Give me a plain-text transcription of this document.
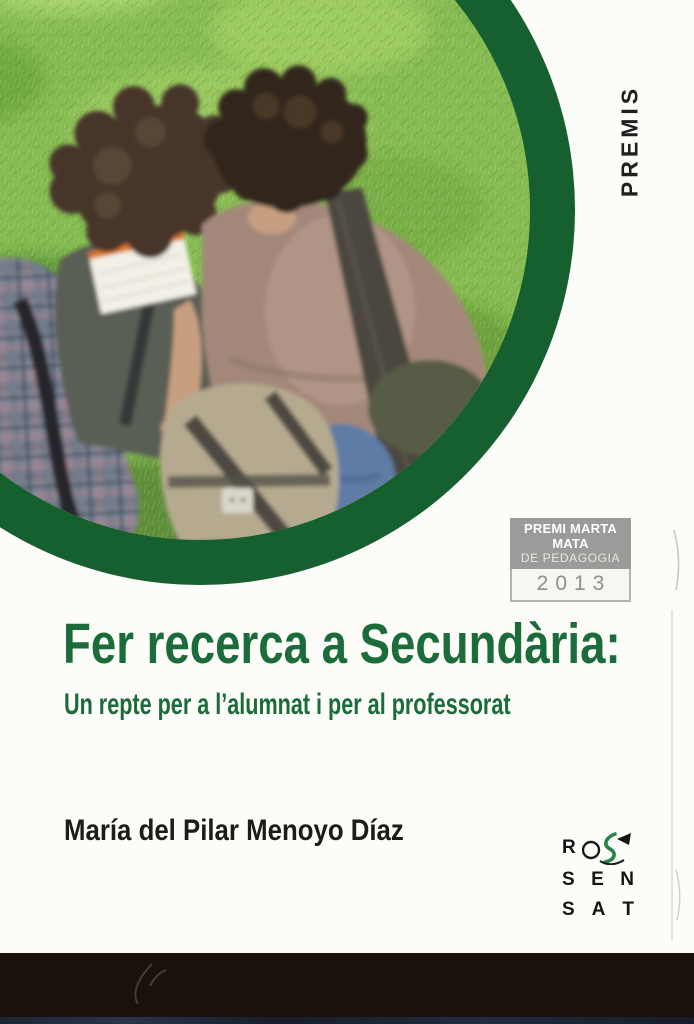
PREMIS
PREMI MARTA MATA
DE PEDAGOGIA
2013
Fer recerca a Secundària:
Un repte per a l’alumnat i per al professorat
María del Pilar Menoyo Díaz
R
S E N
S A T
